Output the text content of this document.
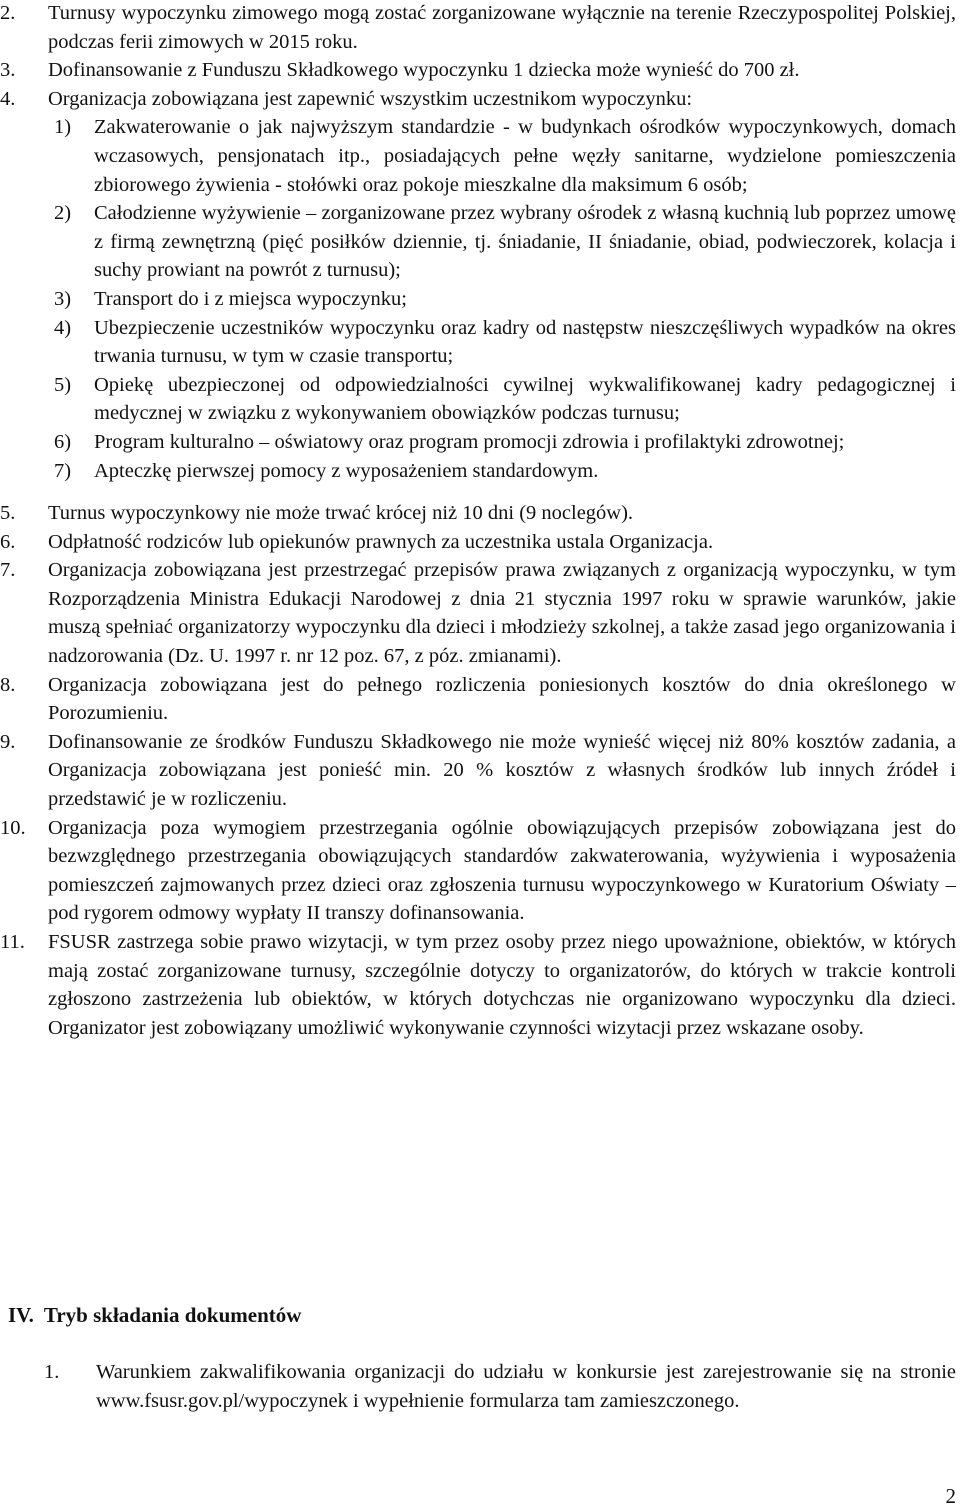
2.	Turnusy wypoczynku zimowego mogą zostać zorganizowane wyłącznie na terenie Rzeczypospolitej Polskiej, podczas ferii zimowych w 2015 roku.
3.	Dofinansowanie z Funduszu Składkowego wypoczynku 1 dziecka może wynieść do 700 zł.
4.	Organizacja zobowiązana jest zapewnić wszystkim uczestnikom wypoczynku:
1) Zakwaterowanie o jak najwyższym standardzie - w budynkach ośrodków wypoczynkowych, domach wczasowych, pensjonatach itp., posiadających pełne węzły sanitarne, wydzielone pomieszczenia zbiorowego żywienia - stołówki oraz pokoje mieszkalne dla maksimum 6 osób;
2) Całodzienne wyżywienie – zorganizowane przez wybrany ośrodek z własną kuchnią lub poprzez umowę z firmą zewnętrzną (pięć posiłków dziennie, tj. śniadanie, II śniadanie, obiad, podwieczorek, kolacja i suchy prowiant na powrót z turnusu);
3) Transport do i z miejsca wypoczynku;
4) Ubezpieczenie uczestników wypoczynku oraz kadry od następstw nieszczęśliwych wypadków na okres trwania turnusu, w tym w czasie transportu;
5) Opiekę ubezpieczonej od odpowiedzialności cywilnej wykwalifikowanej kadry pedagogicznej i medycznej w związku z wykonywaniem obowiązków podczas turnusu;
6) Program kulturalno – oświatowy oraz program promocji zdrowia i profilaktyki zdrowotnej;
7) Apteczkę pierwszej pomocy z wyposażeniem standardowym.
5.	Turnus wypoczynkowy nie może trwać krócej niż 10 dni (9 noclegów).
6.	Odpłatność rodziców lub opiekunów prawnych za uczestnika ustala Organizacja.
7.	Organizacja zobowiązana jest przestrzegać przepisów prawa związanych z organizacją wypoczynku, w tym Rozporządzenia Ministra Edukacji Narodowej z dnia 21 stycznia 1997 roku w sprawie warunków, jakie muszą spełniać organizatorzy wypoczynku dla dzieci i młodzieży szkolnej, a także zasad jego organizowania i nadzorowania (Dz. U. 1997 r. nr 12 poz. 67, z póz. zmianami).
8.	Organizacja zobowiązana jest do pełnego rozliczenia poniesionych kosztów do dnia określonego w Porozumieniu.
9.	Dofinansowanie ze środków Funduszu Składkowego nie może wynieść więcej niż 80% kosztów zadania, a Organizacja zobowiązana jest ponieść min. 20 % kosztów z własnych środków lub innych źródeł i przedstawić je w rozliczeniu.
10.	Organizacja poza wymogiem przestrzegania ogólnie obowiązujących przepisów zobowiązana jest do bezwzględnego przestrzegania obowiązujących standardów zakwaterowania, wyżywienia i wyposażenia pomieszczeń zajmowanych przez dzieci oraz zgłoszenia turnusu wypoczynkowego w Kuratorium Oświaty – pod rygorem odmowy wypłaty II transzy dofinansowania.
11.	FSUSR zastrzega sobie prawo wizytacji, w tym przez osoby przez niego upoważnione, obiektów, w których mają zostać zorganizowane turnusy, szczególnie dotyczy to organizatorów, do których w trakcie kontroli zgłoszono zastrzeżenia lub obiektów, w których dotychczas nie organizowano wypoczynku dla dzieci. Organizator jest zobowiązany umożliwić wykonywanie czynności wizytacji przez wskazane osoby.
IV. Tryb składania dokumentów
1.	Warunkiem zakwalifikowania organizacji do udziału w konkursie jest zarejestrowanie się na stronie www.fsusr.gov.pl/wypoczynek i wypełnienie formularza tam zamieszczonego.
2
